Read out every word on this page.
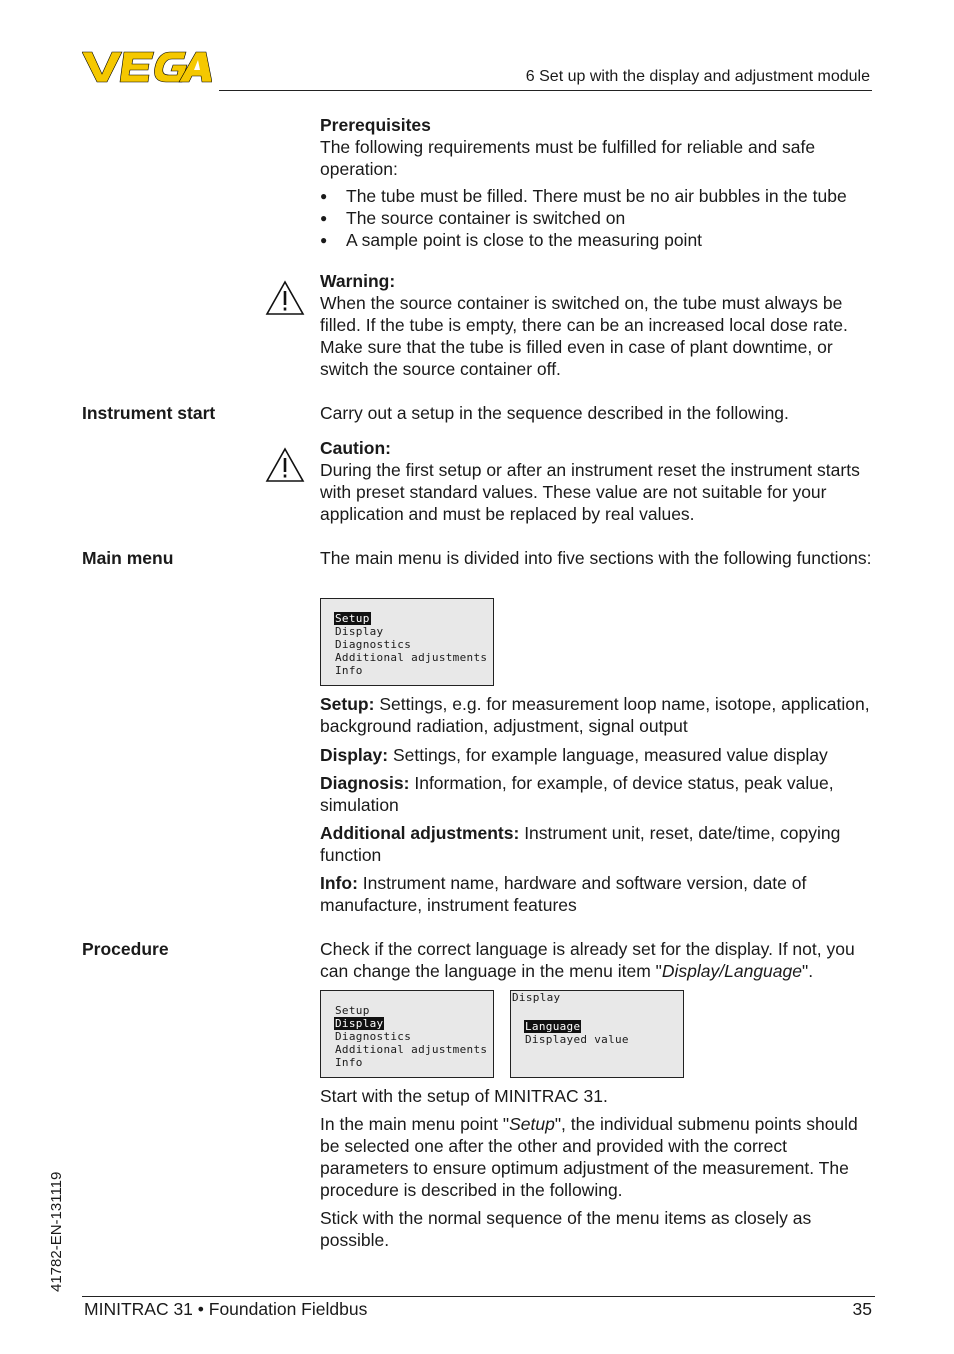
6 Set up with the display and adjustment module

Prerequisites

The following requirements must be fulfilled for reliable and safe operation:

●	The tube must be filled. There must be no air bubbles in the tube
●	The source container is switched on
●	A sample point is close to the measuring point

Warning:

When the source container is switched on, the tube must always be filled. If the tube is empty, there can be an increased local dose rate. Make sure that the tube is filled even in case of plant downtime, or switch the source container off.

Instrument start	Carry out a setup in the sequence described in the following.

Caution:

During the first setup or after an instrument reset the instrument starts with preset standard values. These value are not suitable for your application and must be replaced by real values.

Main menu	The main menu is divided into five sections with the following functions:
Setup
Display
Diagnostics
Additional adjustments
Info

Setup: Settings, e.g. for measurement loop name, isotope, application, background radiation, adjustment, signal output

Display: Settings, for example language, measured value display

Diagnosis: Information, for example, of device status, peak value, simulation

Additional adjustments: Instrument unit, reset, date/time, copying function

Info: Instrument name, hardware and software version, date of manufacture, instrument features

Procedure	Check if the correct language is already set for the display. If not, you can change the language in the menu item "Display/Language".

Setup
Display
Diagnostics
Additional adjustments
Info
Display
Language
Displayed value
Start with the setup of MINITRAC 31.

In the main menu point "Setup", the individual submenu points should be selected one after the other and provided with the correct parameters to ensure optimum adjustment of the measurement. The procedure is described in the following.

Stick with the normal sequence of the menu items as closely as possible.
41782-EN-131119
MINITRAC 31 • Foundation Fieldbus	35
